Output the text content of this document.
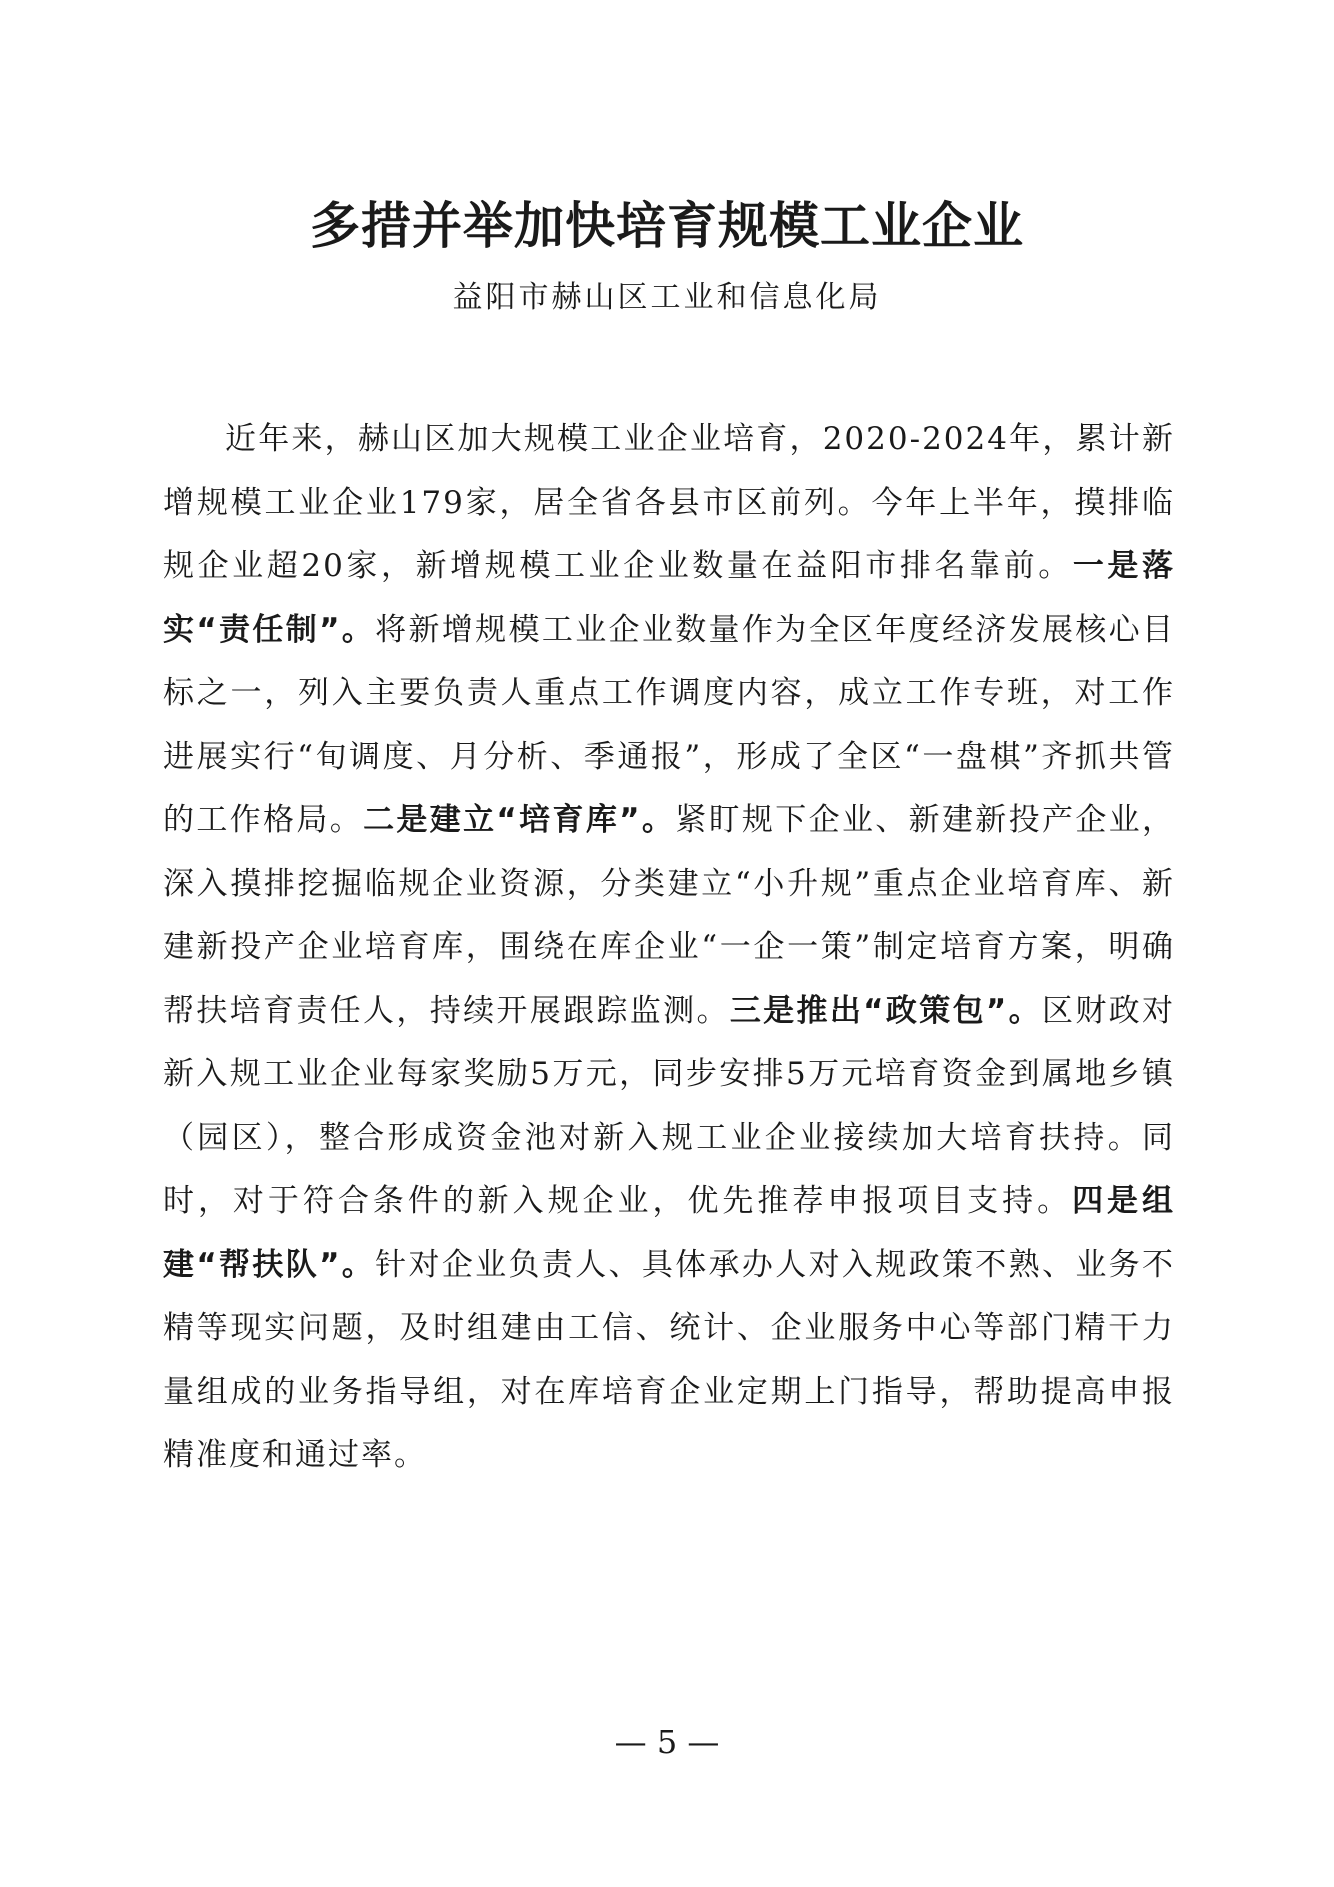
多措并举加快培育规模工业企业
益阳市赫山区工业和信息化局

近年来，赫山区加大规模工业企业培育，2020-2024年，累计新增规模工业企业179家，居全省各县市区前列。今年上半年，摸排临规企业超20家，新增规模工业企业数量在益阳市排名靠前。一是落实“责任制”。将新增规模工业企业数量作为全区年度经济发展核心目标之一，列入主要负责人重点工作调度内容，成立工作专班，对工作进展实行“旬调度、月分析、季通报”，形成了全区“一盘棋”齐抓共管的工作格局。二是建立“培育库”。紧盯规下企业、新建新投产企业，深入摸排挖掘临规企业资源，分类建立“小升规”重点企业培育库、新建新投产企业培育库，围绕在库企业“一企一策”制定培育方案，明确帮扶培育责任人，持续开展跟踪监测。三是推出“政策包”。区财政对新入规工业企业每家奖励5万元，同步安排5万元培育资金到属地乡镇（园区），整合形成资金池对新入规工业企业接续加大培育扶持。同时，对于符合条件的新入规企业，优先推荐申报项目支持。四是组建“帮扶队”。针对企业负责人、具体承办人对入规政策不熟、业务不精等现实问题，及时组建由工信、统计、企业服务中心等部门精干力量组成的业务指导组，对在库培育企业定期上门指导，帮助提高申报精准度和通过率。

— 5 —
